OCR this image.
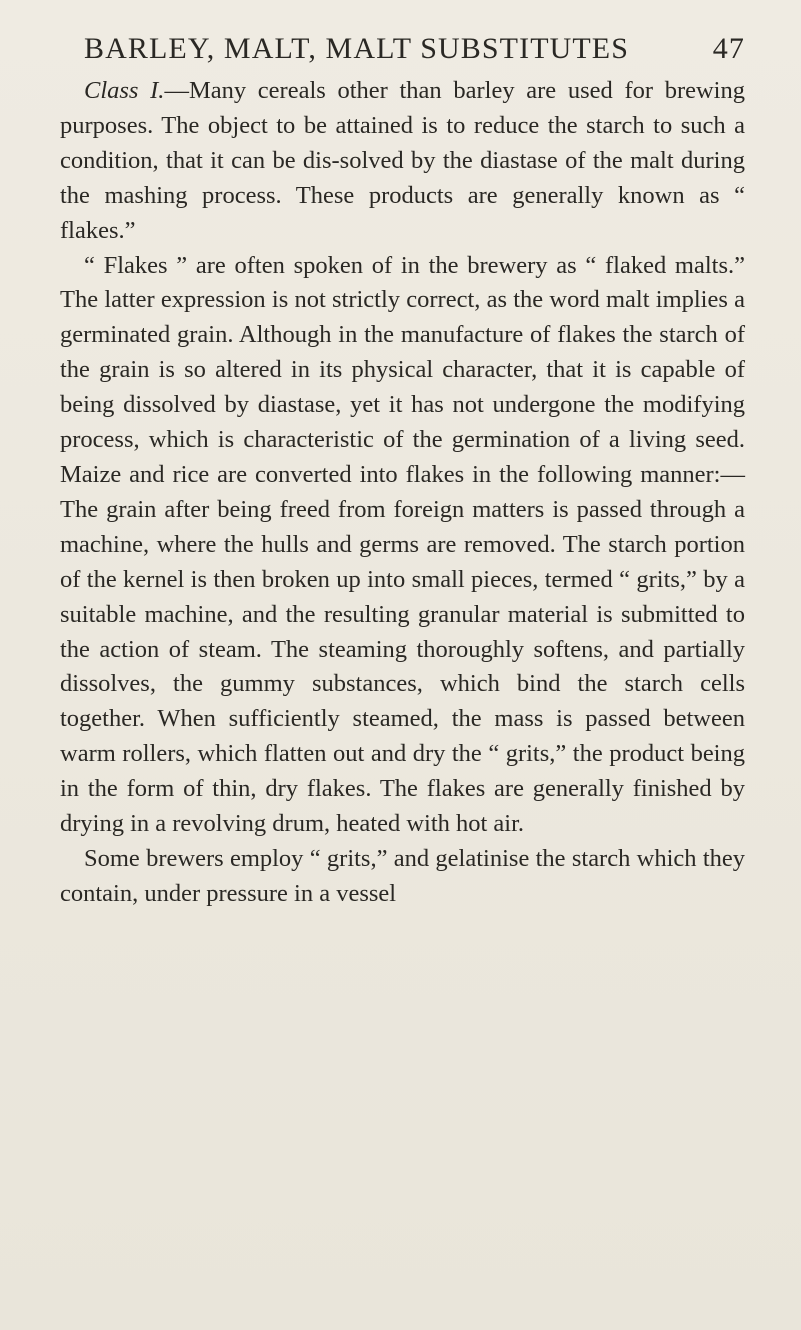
BARLEY, MALT, MALT SUBSTITUTES	47

Class I.—Many cereals other than barley are used for brewing purposes. The object to be attained is to reduce the starch to such a condition, that it can be dis-solved by the diastase of the malt during the mashing process. These products are generally known as “ flakes.”

“ Flakes ” are often spoken of in the brewery as “ flaked malts.” The latter expression is not strictly correct, as the word malt implies a germinated grain. Although in the manufacture of flakes the starch of the grain is so altered in its physical character, that it is capable of being dissolved by diastase, yet it has not undergone the modifying process, which is characteristic of the germination of a living seed. Maize and rice are converted into flakes in the following manner:—The grain after being freed from foreign matters is passed through a machine, where the hulls and germs are removed. The starch portion of the kernel is then broken up into small pieces, termed “ grits,” by a suitable machine, and the resulting granular material is submitted to the action of steam. The steaming thoroughly softens, and partially dissolves, the gummy substances, which bind the starch cells together. When sufficiently steamed, the mass is passed between warm rollers, which flatten out and dry the “ grits,” the product being in the form of thin, dry flakes. The flakes are generally finished by drying in a revolving drum, heated with hot air.

Some brewers employ “ grits,” and gelatinise the starch which they contain, under pressure in a vessel
